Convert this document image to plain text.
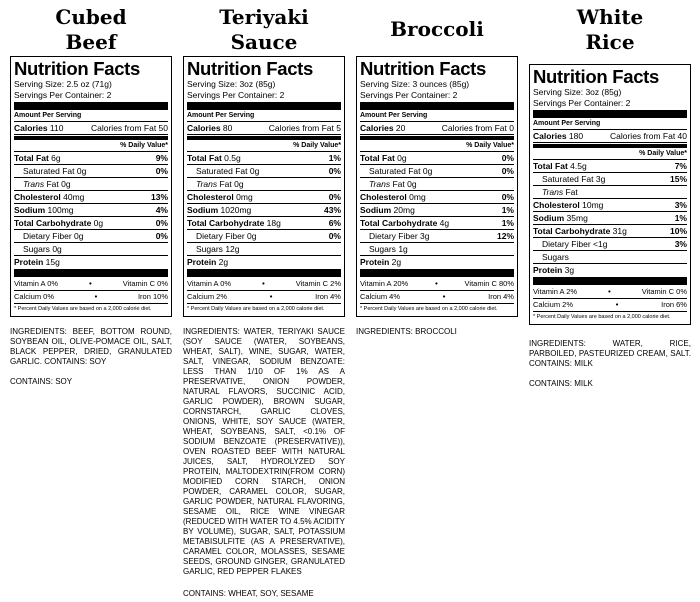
Cubed
Beef
Nutrition Facts
Serving Size: 2.5 oz (71g)
Servings Per Container: 2
Amount Per Serving
Calories 110	Calories from Fat 50
% Daily Value*
Total Fat 6g	9%
Saturated Fat 0g	0%
Trans Fat 0g
Cholesterol 40mg	13%
Sodium 100mg	4%
Total Carbohydrate 0g	0%
Dietary Fiber 0g	0%
Sugars 0g
Protein 15g
Vitamin A 0%	•	Vitamin C 0%
Calcium 0%	•	Iron 10%
* Percent Daily Values are based on a 2,000 calorie diet.
INGREDIENTS: BEEF, BOTTOM ROUND, SOYBEAN OIL, OLIVE-POMACE OIL, SALT, BLACK PEPPER, DRIED, GRANULATED GARLIC. CONTAINS: SOY
CONTAINS: SOY
Teriyaki
Sauce
Nutrition Facts
Serving Size: 3oz (85g)
Servings Per Container: 2
Amount Per Serving
Calories 80	Calories from Fat 5
% Daily Value*
Total Fat 0.5g	1%
Saturated Fat 0g	0%
Trans Fat 0g
Cholesterol 0mg	0%
Sodium 1020mg	43%
Total Carbohydrate 18g	6%
Dietary Fiber 0g	0%
Sugars 12g
Protein 2g
Vitamin A 0%	•	Vitamin C 2%
Calcium 2%	•	Iron 4%
* Percent Daily Values are based on a 2,000 calorie diet.
INGREDIENTS: WATER, TERIYAKI SAUCE (SOY SAUCE (WATER, SOYBEANS, WHEAT, SALT), WINE, SUGAR, WATER, SALT, VINEGAR, SODIUM BENZOATE: LESS THAN 1/10 OF 1% AS A PRESERVATIVE, ONION POWDER, NATURAL FLAVORS, SUCCINIC ACID, GARLIC POWDER), BROWN SUGAR, CORNSTARCH, GARLIC CLOVES, ONIONS, WHITE, SOY SAUCE (WATER, WHEAT, SOYBEANS, SALT, <0.1% OF SODIUM BENZOATE (PRESERVATIVE)), OVEN ROASTED BEEF WITH NATURAL JUICES, SALT, HYDROLYZED SOY PROTEIN, MALTODEXTRIN(FROM CORN) MODIFIED CORN STARCH, ONION POWDER, CARAMEL COLOR, SUGAR, GARLIC POWDER, NATURAL FLAVORING, SESAME OIL, RICE WINE VINEGAR (REDUCED WITH WATER TO 4.5% ACIDITY BY VOLUME), SUGAR, SALT, POTASSIUM METABISULFITE (AS A PRESERVATIVE), CARAMEL COLOR, MOLASSES, SESAME SEEDS, GROUND GINGER, GRANULATED GARLIC, RED PEPPER FLAKES
CONTAINS: WHEAT, SOY, SESAME
Broccoli
Nutrition Facts
Serving Size: 3 ounces (85g)
Servings Per Container: 2
Amount Per Serving
Calories 20	Calories from Fat 0
% Daily Value*
Total Fat 0g	0%
Saturated Fat 0g	0%
Trans Fat 0g
Cholesterol 0mg	0%
Sodium 20mg	1%
Total Carbohydrate 4g	1%
Dietary Fiber 3g	12%
Sugars 1g
Protein 2g
Vitamin A 20%	•	Vitamin C 80%
Calcium 4%	•	Iron 4%
* Percent Daily Values are based on a 2,000 calorie diet.
INGREDIENTS: BROCCOLI
White
Rice
Nutrition Facts
Serving Size: 3oz (85g)
Servings Per Container: 2
Amount Per Serving
Calories 180	Calories from Fat 40
% Daily Value*
Total Fat 4.5g	7%
Saturated Fat 3g	15%
Trans Fat
Cholesterol 10mg	3%
Sodium 35mg	1%
Total Carbohydrate 31g	10%
Dietary Fiber <1g	3%
Sugars
Protein 3g
Vitamin A 2%	•	Vitamin C 0%
Calcium 2%	•	Iron 6%
* Percent Daily Values are based on a 2,000 calorie diet.
INGREDIENTS: WATER, RICE, PARBOILED, PASTEURIZED CREAM, SALT. CONTAINS: MILK
CONTAINS: MILK
